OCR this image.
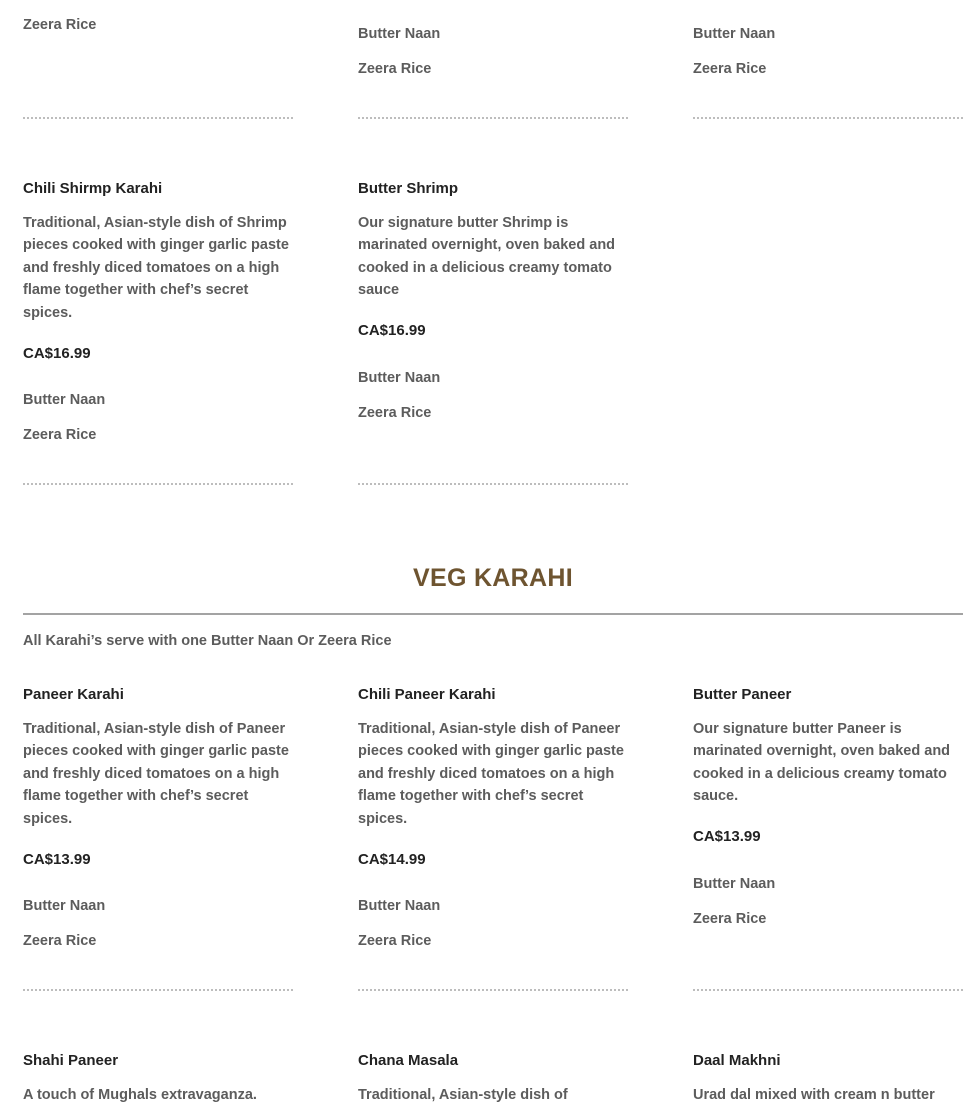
Zeera Rice
Butter Naan
Zeera Rice
Butter Naan
Zeera Rice
Chili Shirmp Karahi
Traditional, Asian-style dish of Shrimp pieces cooked with ginger garlic paste and freshly diced tomatoes on a high flame together with chef’s secret spices.
CA$16.99
Butter Naan
Zeera Rice
Butter Shrimp
Our signature butter Shrimp is marinated overnight, oven baked and cooked in a delicious creamy tomato sauce
CA$16.99
Butter Naan
Zeera Rice
VEG KARAHI
All Karahi’s serve with one Butter Naan Or Zeera Rice
Paneer Karahi
Traditional, Asian-style dish of Paneer pieces cooked with ginger garlic paste and freshly diced tomatoes on a high flame together with chef’s secret spices.
CA$13.99
Butter Naan
Zeera Rice
Chili Paneer Karahi
Traditional, Asian-style dish of Paneer pieces cooked with ginger garlic paste and freshly diced tomatoes on a high flame together with chef’s secret spices.
CA$14.99
Butter Naan
Zeera Rice
Butter Paneer
Our signature butter Paneer is marinated overnight, oven baked and cooked in a delicious creamy tomato sauce.
CA$13.99
Butter Naan
Zeera Rice
Shahi Paneer
A touch of Mughals extravaganza.
Chana Masala
Traditional, Asian-style dish of
Daal Makhni
Urad dal mixed with cream n butter
